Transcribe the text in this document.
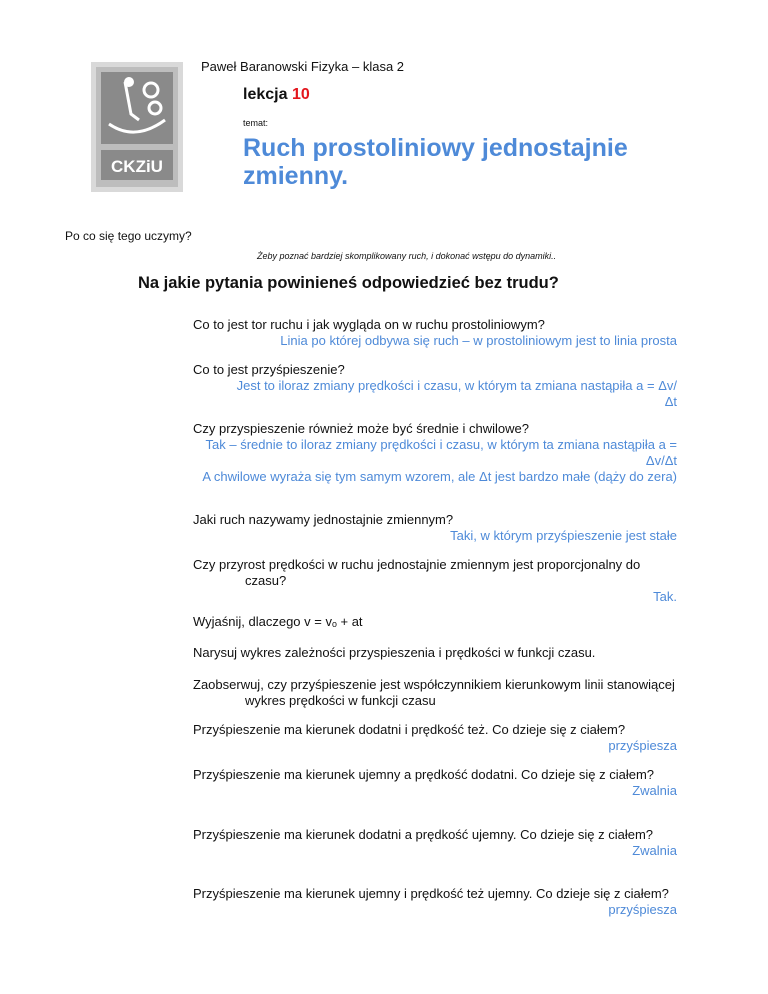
Paweł Baranowski Fizyka – klasa 2
CKZiU
lekcja 10
temat:
Ruch prostoliniowy jednostajnie zmienny.
Po co się tego uczymy?
Żeby poznać bardziej skomplikowany ruch, i dokonać wstępu do dynamiki..
Na jakie pytania powinieneś odpowiedzieć bez trudu?
Co to jest tor ruchu i jak wygląda on w ruchu prostoliniowym?
Linia po której odbywa się ruch – w prostoliniowym jest to linia prosta
Co to jest przyśpieszenie?
Jest to iloraz zmiany prędkości i czasu, w którym ta zmiana nastąpiła a = Δv/Δt
Czy przyspieszenie również może być średnie i chwilowe?
Tak – średnie to iloraz zmiany prędkości i czasu, w którym ta zmiana nastąpiła a = Δv/Δt
A chwilowe wyraża się tym samym wzorem, ale Δt jest bardzo małe (dąży do zera)
Jaki ruch nazywamy jednostajnie zmiennym?
Taki, w którym przyśpieszenie jest stałe
Czy przyrost prędkości w ruchu jednostajnie zmiennym jest proporcjonalny do czasu?
Tak.
Wyjaśnij, dlaczego v = vₒ + at
Narysuj wykres zależności przyspieszenia i prędkości w funkcji czasu.
Zaobserwuj, czy przyśpieszenie jest współczynnikiem kierunkowym linii stanowiącej wykres prędkości w funkcji czasu
Przyśpieszenie ma kierunek dodatni i prędkość też. Co dzieje się z ciałem?
przyśpiesza
Przyśpieszenie ma kierunek ujemny a prędkość dodatni. Co dzieje się z ciałem?
Zwalnia
Przyśpieszenie ma kierunek dodatni a prędkość ujemny. Co dzieje się z ciałem?
Zwalnia
Przyśpieszenie ma kierunek ujemny i prędkość też ujemny. Co dzieje się z ciałem?
przyśpiesza
